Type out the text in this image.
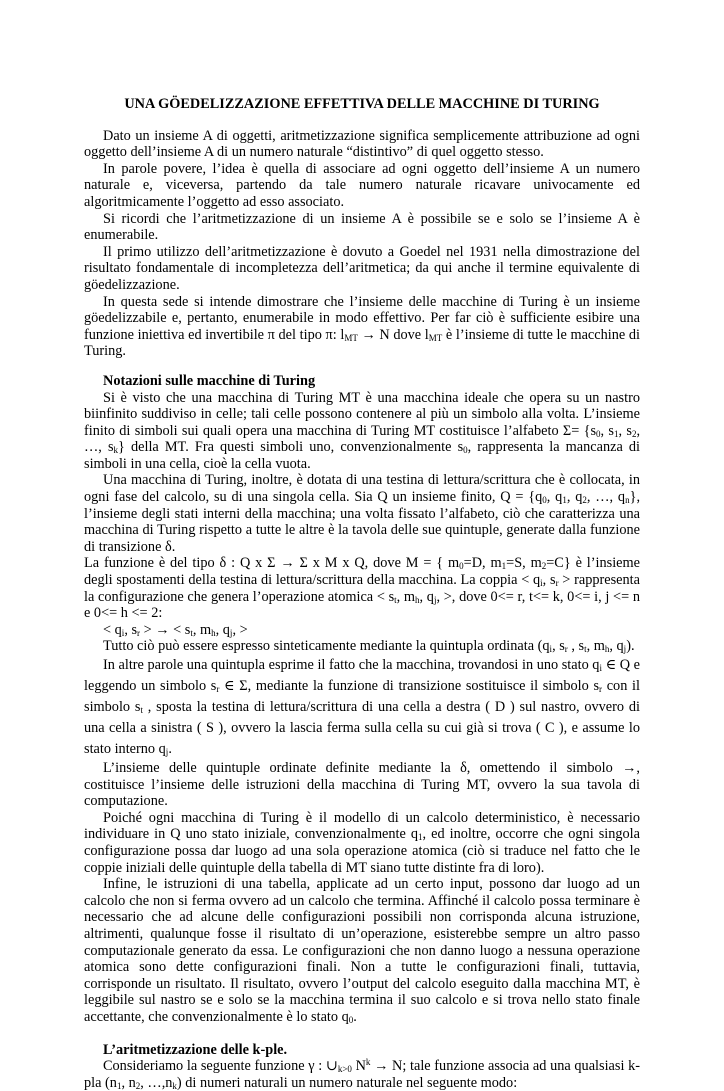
UNA GÖEDELIZZAZIONE EFFETTIVA DELLE MACCHINE DI TURING

Dato un insieme A di oggetti, aritmetizzazione significa semplicemente attribuzione ad ogni oggetto dell’insieme A di un numero naturale “distintivo” di quel oggetto stesso.

In parole povere, l’idea è quella di associare ad ogni oggetto dell’insieme A un numero naturale e, viceversa, partendo da tale numero naturale ricavare univocamente ed algoritmicamente l’oggetto ad esso associato.

Si ricordi che l’aritmetizzazione di un insieme A è possibile se e solo se l’insieme A è enumerabile.

Il primo utilizzo dell’aritmetizzazione è dovuto a Goedel nel 1931 nella dimostrazione del risultato fondamentale di incompletezza dell’aritmetica; da qui anche il termine equivalente di göedelizzazione.

In questa sede si intende dimostrare che l’insieme delle macchine di Turing è un insieme göedelizzabile e, pertanto, enumerabile in modo effettivo. Per far ciò è sufficiente esibire una funzione iniettiva ed invertibile π del tipo π: $l_{MT} \to N$ dove $l_{MT}$ è l’insieme di tutte le macchine di Turing.

Notazioni sulle macchine di Turing

Si è visto che una macchina di Turing MT è una macchina ideale che opera su un nastro biinfinito suddiviso in celle; tali celle possono contenere al più un simbolo alla volta. L’insieme finito di simboli sui quali opera una macchina di Turing MT costituisce l’alfabeto $\Sigma= \{s_0$, $s_1$, $s_2$, …, $s_k$} della MT. Fra questi simboli uno, convenzionalmente $s_0$, rappresenta la mancanza di simboli in una cella, cioè la cella vuota.

Una macchina di Turing, inoltre, è dotata di una testina di lettura/scrittura che è collocata, in ogni fase del calcolo, su di una singola cella. Sia Q un insieme finito, $Q = \{q_0$, $q_1$, $q_2$, …, $q_n$}, l’insieme degli stati interni della macchina; una volta fissato l’alfabeto, ciò che caratterizza una macchina di Turing rispetto a tutte le altre è la tavola delle sue quintuple, generate dalla funzione di transizione δ.

La funzione è del tipo δ : Q x Σ → Σ x M x Q, dove M = { $m_0=D$, $m_1=S$, $m_2=C$} è l’insieme degli spostamenti della testina di lettura/scrittura della macchina. La coppia < $q_i$, $s_r$ > rappresenta la configurazione che genera l’operazione atomica < $s_t$, $m_h$, $q_j$, >, dove 0<= r, t<= k, 0<= i, j <= n e 0<= h <= 2:

< $q_i$, $s_r$ > → < $s_t$, $m_h$, $q_j$, >

Tutto ciò può essere espresso sinteticamente mediante la quintupla ordinata ($q_i$, $s_r$ , $s_t$, $m_h$, $q_j$).

In altre parole una quintupla esprime il fatto che la macchina, trovandosi in uno stato $q_i$ ∈ Q e leggendo un simbolo $s_r$ ∈ Σ, mediante la funzione di transizione sostituisce il simbolo $s_r$ con il simbolo $s_t$ , sposta la testina di lettura/scrittura di una cella a destra ( D ) sul nastro, ovvero di una cella a sinistra ( S ), ovvero la lascia ferma sulla cella su cui già si trova ( C ), e assume lo stato interno $q_j$.

L’insieme delle quintuple ordinate definite mediante la δ, omettendo il simbolo →, costituisce l’insieme delle istruzioni della macchina di Turing MT, ovvero la sua tavola di computazione.

Poiché ogni macchina di Turing è il modello di un calcolo deterministico, è necessario individuare in Q uno stato iniziale, convenzionalmente $q_1$, ed inoltre, occorre che ogni singola configurazione possa dar luogo ad una sola operazione atomica (ciò si traduce nel fatto che le coppie iniziali delle quintuple della tabella di MT siano tutte distinte fra di loro).

Infine, le istruzioni di una tabella, applicate ad un certo input, possono dar luogo ad un calcolo che non si ferma ovvero ad un calcolo che termina. Affinché il calcolo possa terminare è necessario che ad alcune delle configurazioni possibili non corrisponda alcuna istruzione, altrimenti, qualunque fosse il risultato di un’operazione, esisterebbe sempre un altro passo computazionale generato da essa. Le configurazioni che non danno luogo a nessuna operazione atomica sono dette configurazioni finali. Non a tutte le configurazioni finali, tuttavia, corrisponde un risultato. Il risultato, ovvero l’output del calcolo eseguito dalla macchina MT, è leggibile sul nastro se e solo se la macchina termina il suo calcolo e si trova nello stato finale accettante, che convenzionalmente è lo stato $q_0$.

L’aritmetizzazione delle k-ple.

Consideriamo la seguente funzione γ : $\cup_{k>0}$ $N^k \to N$; tale funzione associa ad una qualsiasi k-pla ($n_1$, $n_2$, $\dots,n_k$) di numeri naturali un numero naturale nel seguente modo:
